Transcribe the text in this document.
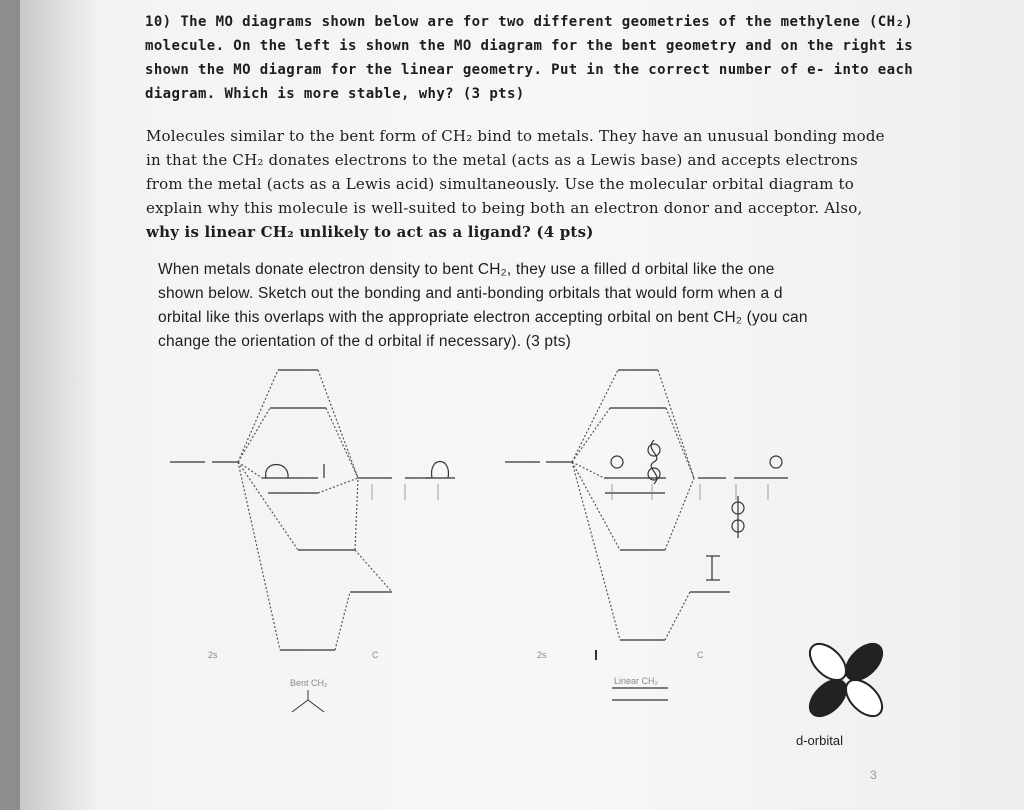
10) The MO diagrams shown below are for two different geometries of the methylene (CH₂)
molecule. On the left is shown the MO diagram for the bent geometry and on the right is
shown the MO diagram for the linear geometry. Put in the correct number of e- into each
diagram. Which is more stable, why? (3 pts)
Molecules similar to the bent form of CH₂ bind to metals. They have an unusual bonding mode
in that the CH₂ donates electrons to the metal (acts as a Lewis base) and accepts electrons
from the metal (acts as a Lewis acid) simultaneously. Use the molecular orbital diagram to
explain why this molecule is well-suited to being both an electron donor and acceptor. Also,
why is linear CH₂ unlikely to act as a ligand? (4 pts)
When metals donate electron density to bent CH₂, they use a filled d orbital like the one
shown below. Sketch out the bonding and anti-bonding orbitals that would form when a d
orbital like this overlaps with the appropriate electron accepting orbital on bent CH₂ (you can
change the orientation of the d orbital if necessary). (3 pts)
2s	C
Bent CH₂
2s	C
Linear CH₂
d-orbital
3
